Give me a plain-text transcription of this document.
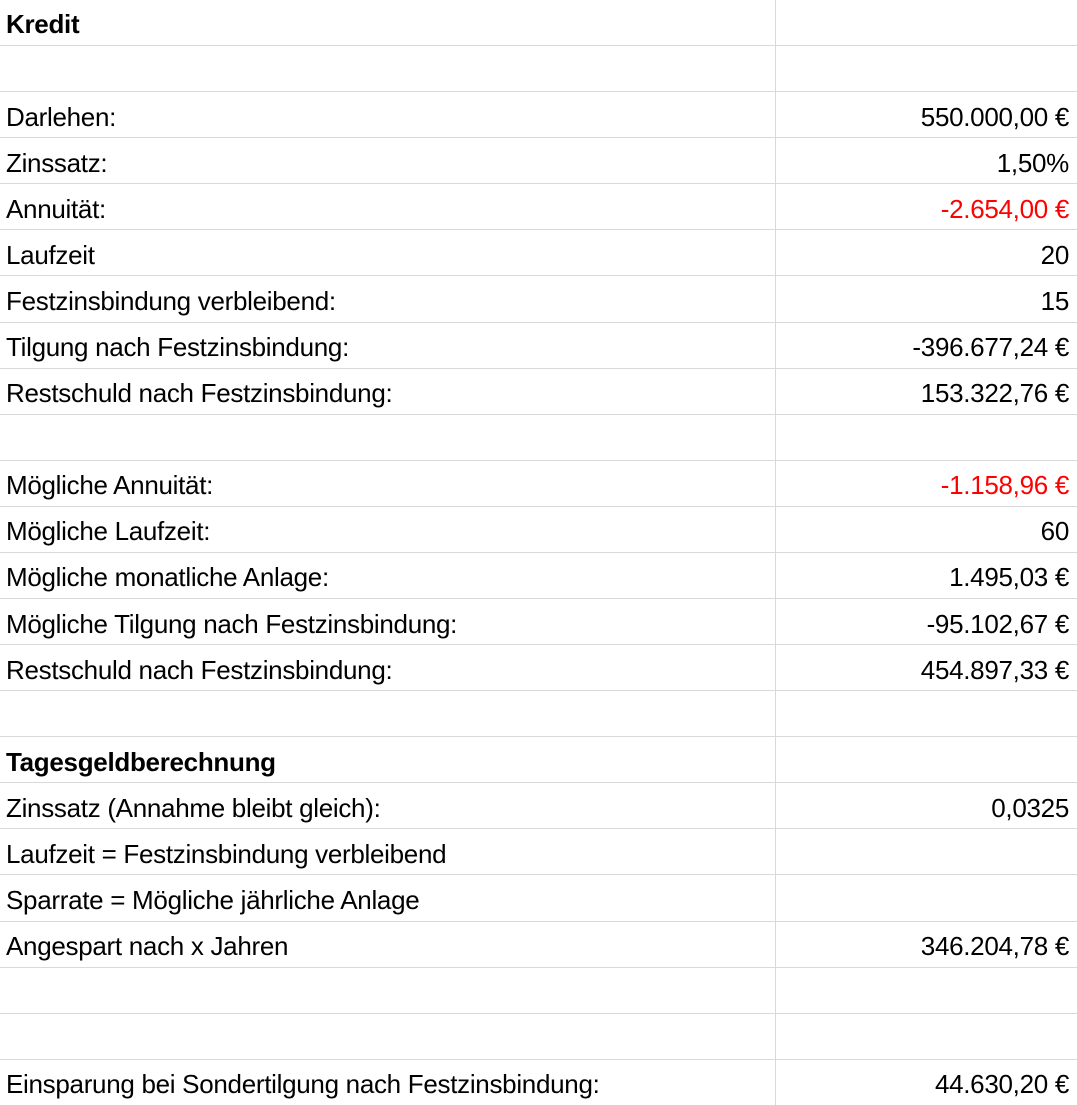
Kredit
Darlehen:	550.000,00 €
Zinssatz:	1,50%
Annuität:	-2.654,00 €
Laufzeit	20
Festzinsbindung verbleibend:	15
Tilgung nach Festzinsbindung:	-396.677,24 €
Restschuld nach Festzinsbindung:	153.322,76 €
Mögliche Annuität:	-1.158,96 €
Mögliche Laufzeit:	60
Mögliche monatliche Anlage:	1.495,03 €
Mögliche Tilgung nach Festzinsbindung:	-95.102,67 €
Restschuld nach Festzinsbindung:	454.897,33 €
Tagesgeldberechnung
Zinssatz (Annahme bleibt gleich):	0,0325
Laufzeit = Festzinsbindung verbleibend
Sparrate = Mögliche jährliche Anlage
Angespart nach x Jahren	346.204,78 €
Einsparung bei Sondertilgung nach Festzinsbindung:	44.630,20 €
